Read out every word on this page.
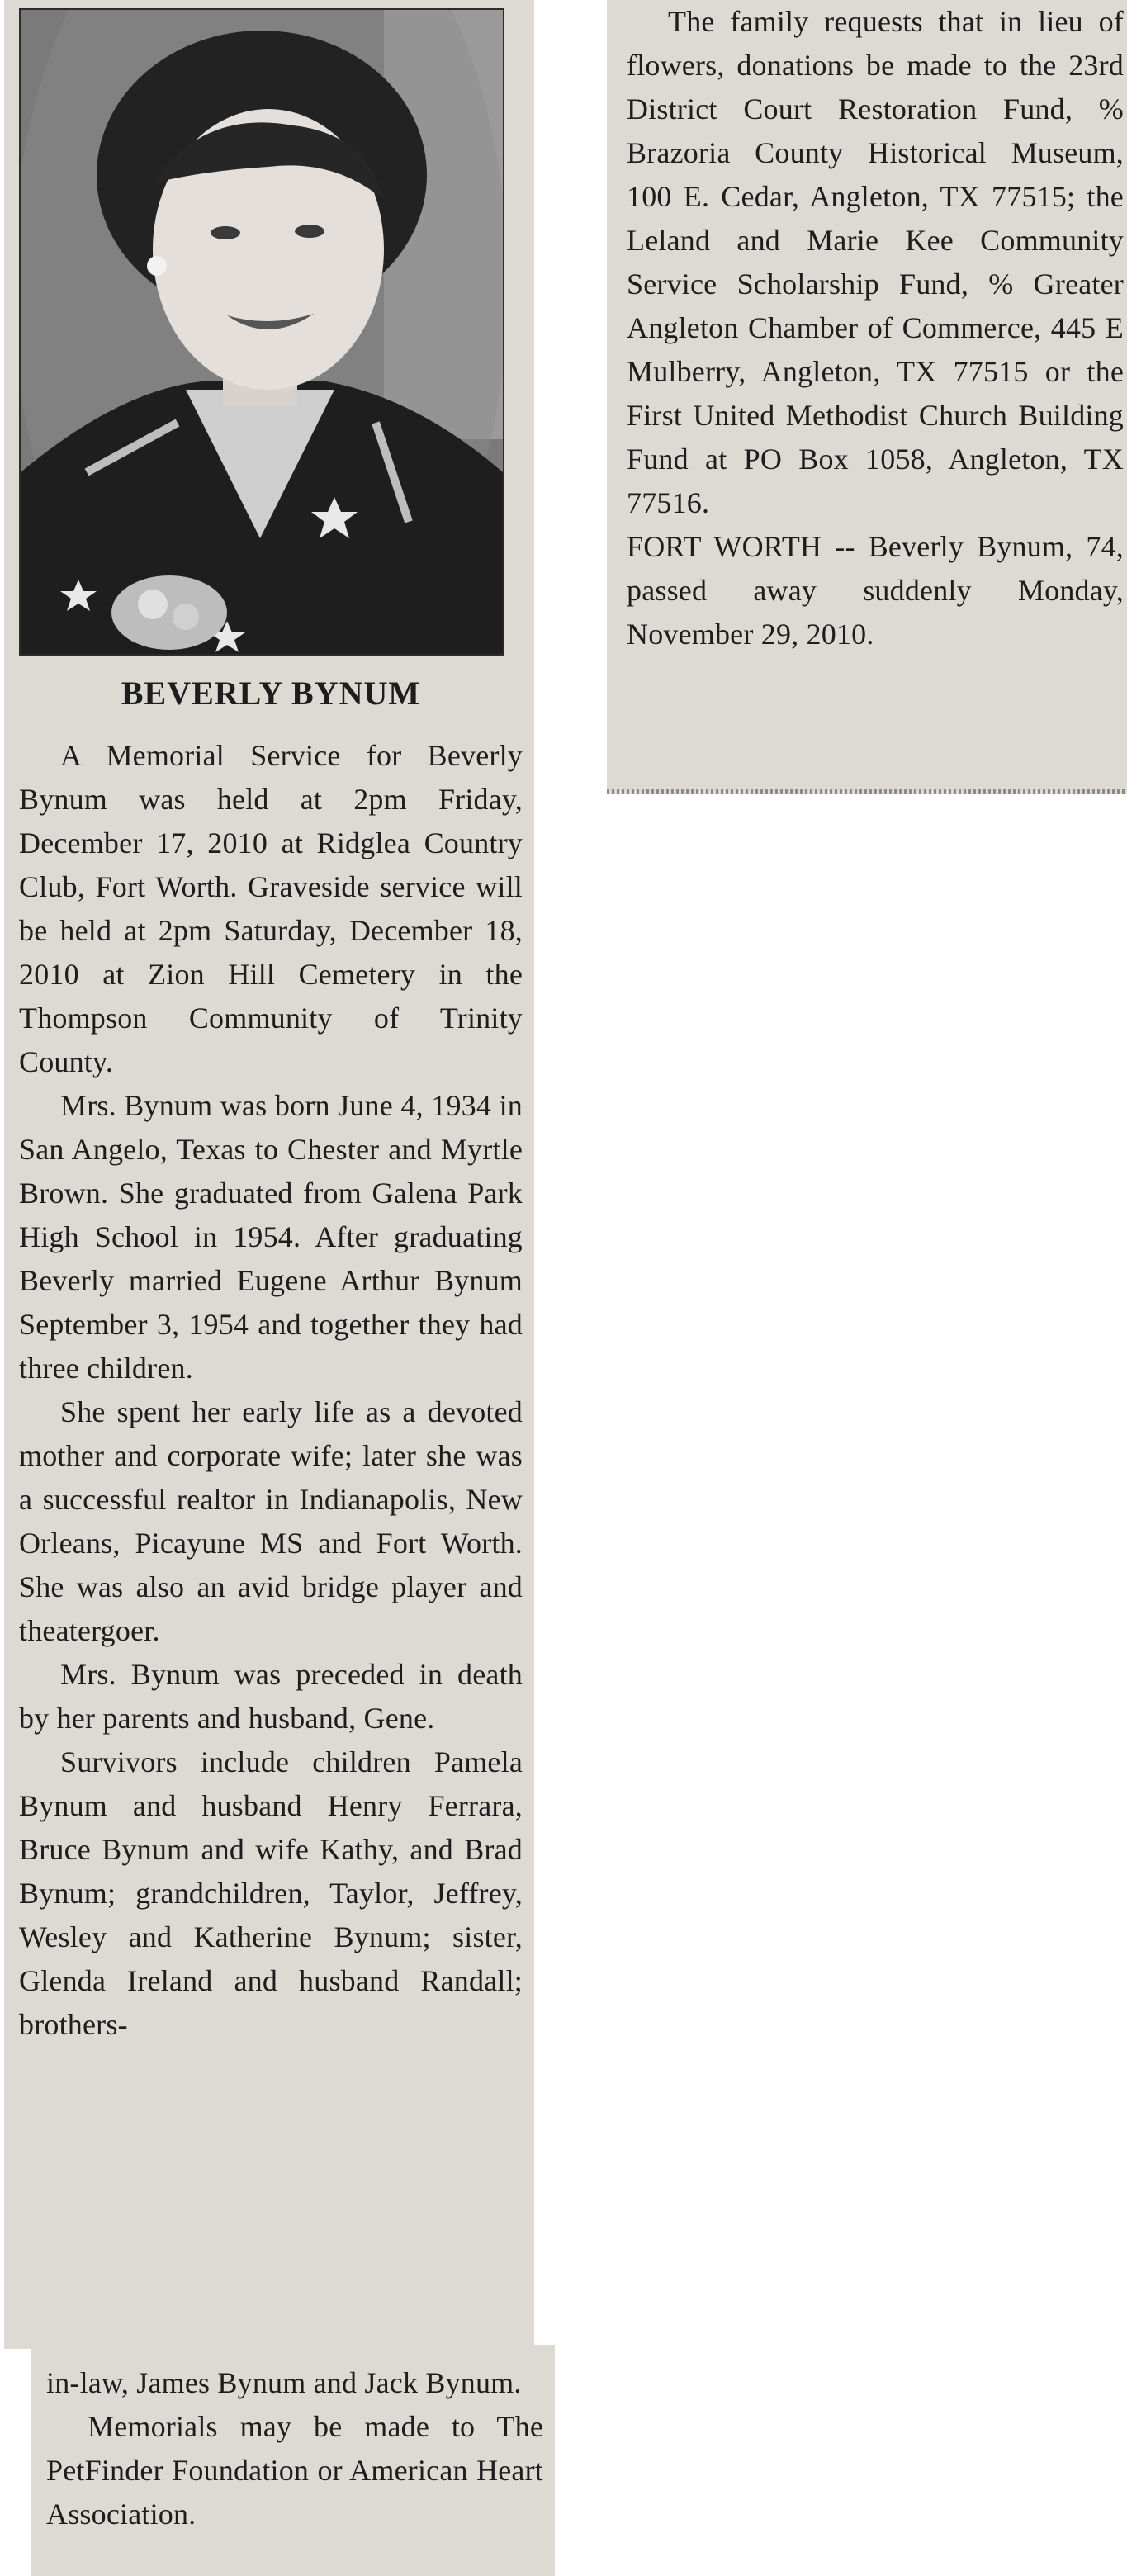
BEVERLY BYNUM

A Memorial Service for Beverly Bynum was held at 2pm Friday, December 17, 2010 at Ridglea Country Club, Fort Worth. Graveside service will be held at 2pm Saturday, December 18, 2010 at Zion Hill Cemetery in the Thompson Community of Trinity County.

Mrs. Bynum was born June 4, 1934 in San Angelo, Texas to Chester and Myrtle Brown. She graduated from Galena Park High School in 1954. After graduating Beverly married Eugene Arthur Bynum September 3, 1954 and together they had three children.

She spent her early life as a devoted mother and corporate wife; later she was a successful realtor in Indianapolis, New Orleans, Picayune MS and Fort Worth. She was also an avid bridge player and theatergoer.

Mrs. Bynum was preceded in death by her parents and husband, Gene.

Survivors include children Pamela Bynum and husband Henry Ferrara, Bruce Bynum and wife Kathy, and Brad Bynum; grandchildren, Taylor, Jeffrey, Wesley and Katherine Bynum; sister, Glenda Ireland and husband Randall; brothers-

in-law, James Bynum and Jack Bynum.

Memorials may be made to The PetFinder Foundation or American Heart Association.

The family requests that in lieu of flowers, donations be made to the 23rd District Court Restoration Fund, % Brazoria County Historical Museum, 100 E. Cedar, Angleton, TX 77515; the Leland and Marie Kee Community Service Scholarship Fund, % Greater Angleton Chamber of Commerce, 445 E Mulberry, Angleton, TX 77515 or the First United Methodist Church Building Fund at PO Box 1058, Angleton, TX 77516.

FORT WORTH -- Beverly Bynum, 74, passed away suddenly Monday, November 29, 2010.
